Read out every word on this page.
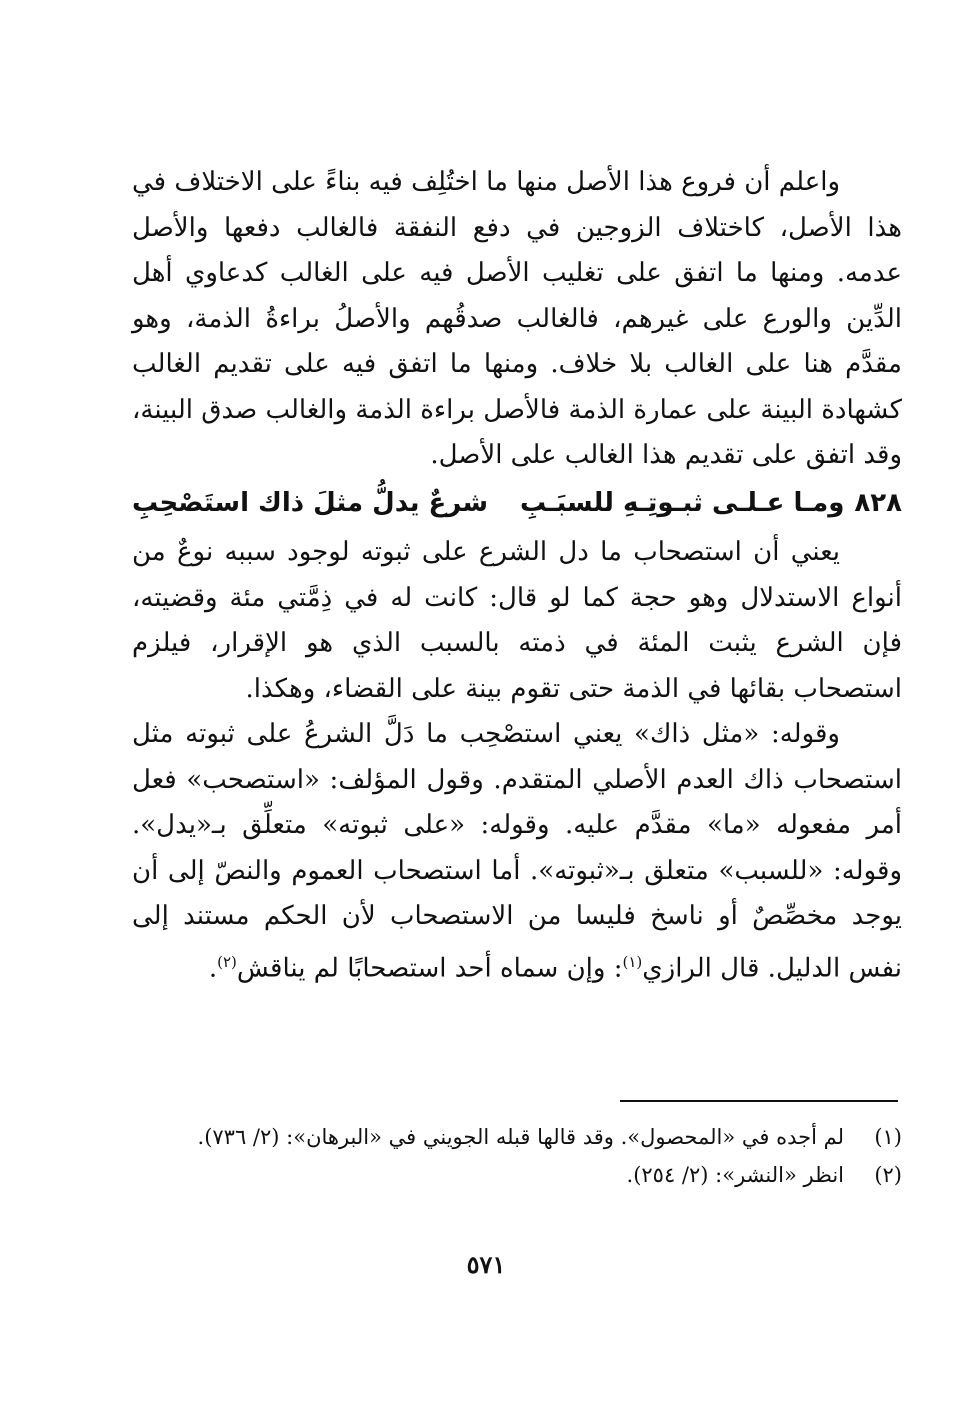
واعلم أن فروع هذا الأصل منها ما اختُلِف فيه بناءً على الاختلاف في هذا الأصل، كاختلاف الزوجين في دفع النفقة فالغالب دفعها والأصل عدمه. ومنها ما اتفق على تغليب الأصل فيه على الغالب كدعاوي أهل الدِّين والورع على غيرهم، فالغالب صدقُهم والأصلُ براءةُ الذمة، وهو مقدَّم هنا على الغالب بلا خلاف. ومنها ما اتفق فيه على تقديم الغالب كشهادة البينة على عمارة الذمة فالأصل براءة الذمة والغالب صدق البينة، وقد اتفق على تقديم هذا الغالب على الأصل.

٨٢٨
ومـا عـلـى ثبـوتِـهِ للسبَـبِ
شرعٌ يدلُّ مثلَ ذاك استَصْحِبِ

يعني أن استصحاب ما دل الشرع على ثبوته لوجود سببه نوعٌ من أنواع الاستدلال وهو حجة كما لو قال: كانت له في ذِمَّتي مئة وقضيته، فإن الشرع يثبت المئة في ذمته بالسبب الذي هو الإقرار، فيلزم استصحاب بقائها في الذمة حتى تقوم بينة على القضاء، وهكذا.

وقوله: «مثل ذاك» يعني استصْحِب ما دَلَّ الشرعُ على ثبوته مثل استصحاب ذاك العدم الأصلي المتقدم. وقول المؤلف: «استصحب» فعل أمر مفعوله «ما» مقدَّم عليه. وقوله: «على ثبوته» متعلِّق بـ«يدل». وقوله: «للسبب» متعلق بـ«ثبوته». أما استصحاب العموم والنصّ إلى أن يوجد مخصِّصٌ أو ناسخ فليسا من الاستصحاب لأن الحكم مستند إلى نفس الدليل. قال الرازي$^{(١)}$: وإن سماه أحد استصحابًا لم يناقش$^{(٢)}$.

(١)
لم أجده في «المحصول». وقد قالها قبله الجويني في «البرهان»: (٢/ ٧٣٦).
(٢)
انظر «النشر»: (٢/ ٢٥٤).
٥٧١
